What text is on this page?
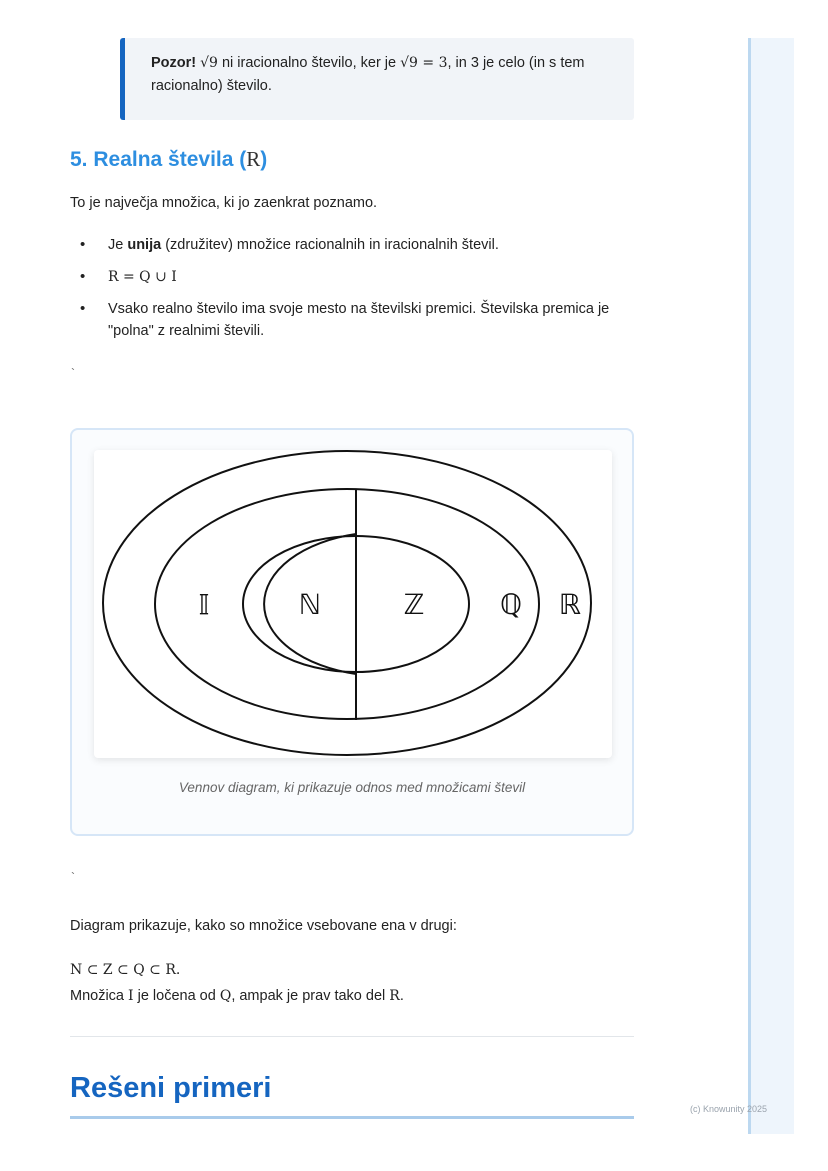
(c) Knowunity 2025

Pozor! √9 ni iracionalno število, ker je √9 = 3, in 3 je celo (in s tem racionalno) število.

5. Realna števila (R)

To je največja množica, ki jo zaenkrat poznamo.

• Je unija (združitev) množice racionalnih in iracionalnih števil.
• R = Q ∪ I
• Vsako realno število ima svoje mesto na številski premici. Številska premica je "polna" z realnimi števili.
`
𝕀	ℕ	ℤ	ℚ ℝ
Vennov diagram, ki prikazuje odnos med množicami števil
`

Diagram prikazuje, kako so množice vsebovane ena v drugi:

N ⊂ Z ⊂ Q ⊂ R.

Množica I je ločena od Q, ampak je prav tako del R.

Rešeni primeri
